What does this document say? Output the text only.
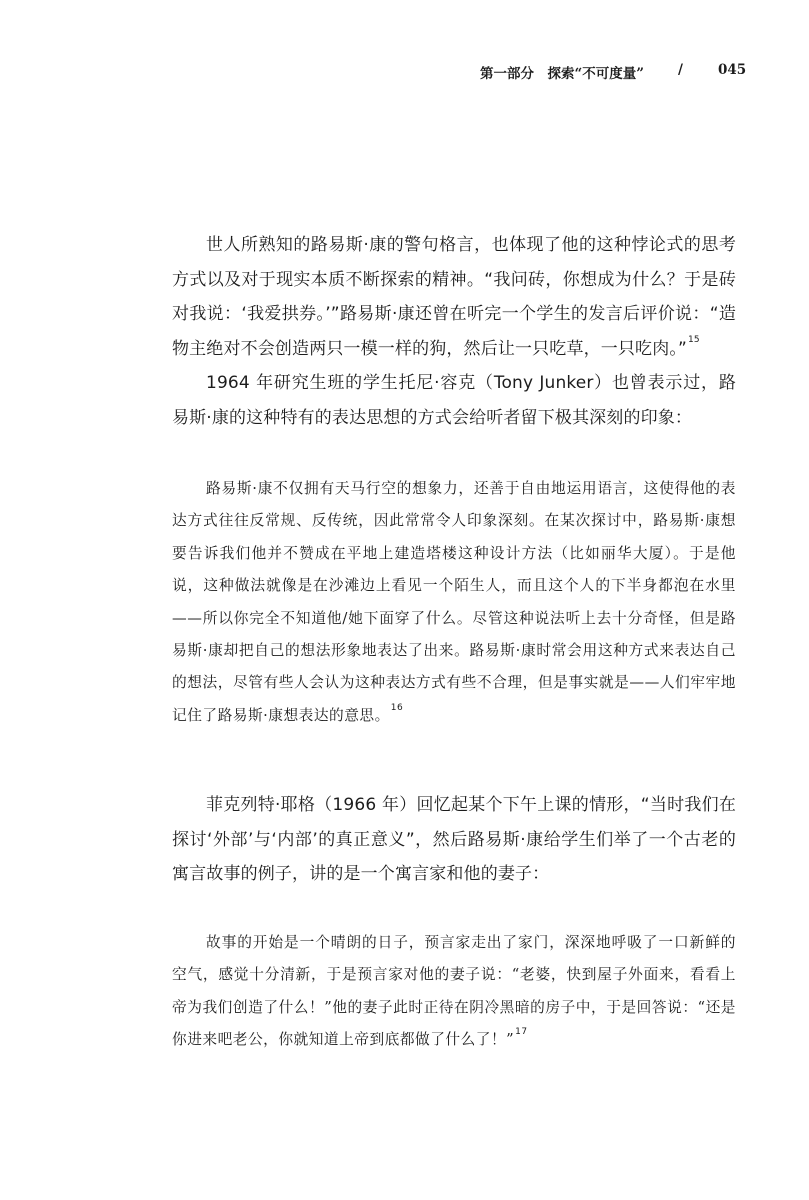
第一部分　探索“不可度量”	/	045

世人所熟知的路易斯·康的警句格言，也体现了他的这种悖论式的思考方式以及对于现实本质不断探索的精神。“我问砖，你想成为什么？于是砖对我说：‘我爱拱券。’”路易斯·康还曾在听完一个学生的发言后评价说：“造物主绝对不会创造两只一模一样的狗，然后让一只吃草，一只吃肉。”$^{15}$

1964 年研究生班的学生托尼·容克（Tony Junker）也曾表示过，路易斯·康的这种特有的表达思想的方式会给听者留下极其深刻的印象：

路易斯·康不仅拥有天马行空的想象力，还善于自由地运用语言，这使得他的表达方式往往反常规、反传统，因此常常令人印象深刻。在某次探讨中，路易斯·康想要告诉我们他并不赞成在平地上建造塔楼这种设计方法（比如丽华大厦）。于是他说，这种做法就像是在沙滩边上看见一个陌生人，而且这个人的下半身都泡在水里——所以你完全不知道他/她下面穿了什么。尽管这种说法听上去十分奇怪，但是路易斯·康却把自己的想法形象地表达了出来。路易斯·康时常会用这种方式来表达自己的想法，尽管有些人会认为这种表达方式有些不合理，但是事实就是——人们牢牢地记住了路易斯·康想表达的意思。$^{16}$

菲克列特·耶格（1966 年）回忆起某个下午上课的情形，“当时我们在探讨‘外部’与‘内部’的真正意义”，然后路易斯·康给学生们举了一个古老的寓言故事的例子，讲的是一个寓言家和他的妻子：

故事的开始是一个晴朗的日子，预言家走出了家门，深深地呼吸了一口新鲜的空气，感觉十分清新，于是预言家对他的妻子说：“老婆，快到屋子外面来，看看上帝为我们创造了什么！”他的妻子此时正待在阴冷黑暗的房子中，于是回答说：“还是你进来吧老公，你就知道上帝到底都做了什么了！”$^{17}$
